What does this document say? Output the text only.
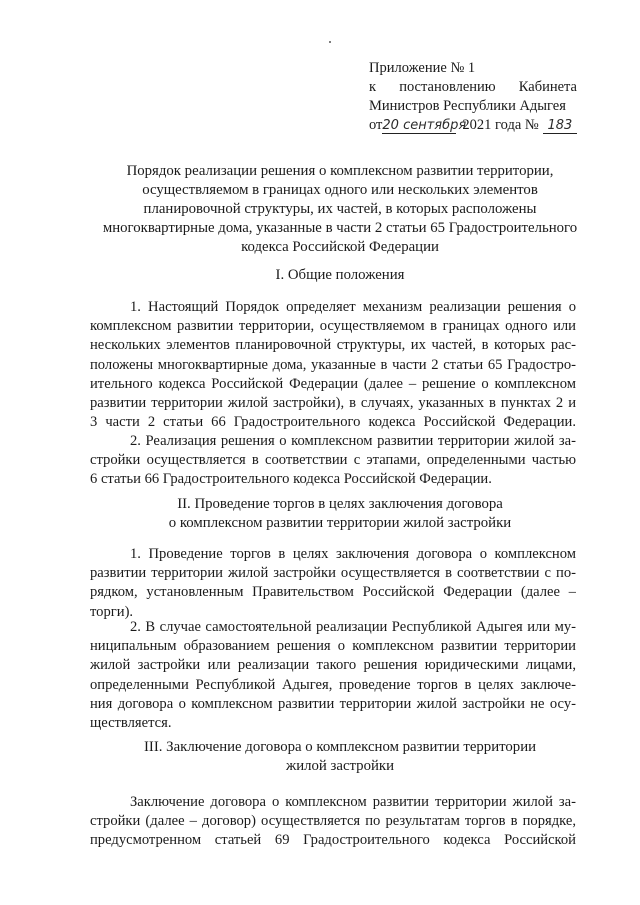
Приложение № 1
к постановлению Кабинета
Министров Республики Адыгея
от 20 сентября
2021 года № 183
Порядок реализации решения о комплексном развитии территории,
осуществляемом в границах одного или нескольких элементов
планировочной структуры, их частей, в которых расположены
многоквартирные дома, указанные в части 2 статьи 65 Градостроительного
кодекса Российской Федерации
I. Общие положения
1. Настоящий Порядок определяет механизм реализации решения о
комплексном развитии территории, осуществляемом в границах одного или
нескольких элементов планировочной структуры, их частей, в которых рас-
положены многоквартирные дома, указанные в части 2 статьи 65 Градостро-
ительного кодекса Российской Федерации (далее – решение о комплексном
развитии территории жилой застройки), в случаях, указанных в пунктах 2 и
3 части 2 статьи 66 Градостроительного кодекса Российской Федерации.
2. Реализация решения о комплексном развитии территории жилой за-
стройки осуществляется в соответствии с этапами, определенными частью
6 статьи 66 Градостроительного кодекса Российской Федерации.
II. Проведение торгов в целях заключения договора
о комплексном развитии территории жилой застройки
1. Проведение торгов в целях заключения договора о комплексном
развитии территории жилой застройки осуществляется в соответствии с по-
рядком, установленным Правительством Российской Федерации (далее –
торги).
2. В случае самостоятельной реализации Республикой Адыгея или му-
ниципальным образованием решения о комплексном развитии территории
жилой застройки или реализации такого решения юридическими лицами,
определенными Республикой Адыгея, проведение торгов в целях заключе-
ния договора о комплексном развитии территории жилой застройки не осу-
ществляется.
III. Заключение договора о комплексном развитии территории
жилой застройки
Заключение договора о комплексном развитии территории жилой за-
стройки (далее – договор) осуществляется по результатам торгов в порядке,
предусмотренном статьей 69 Градостроительного кодекса Российской
